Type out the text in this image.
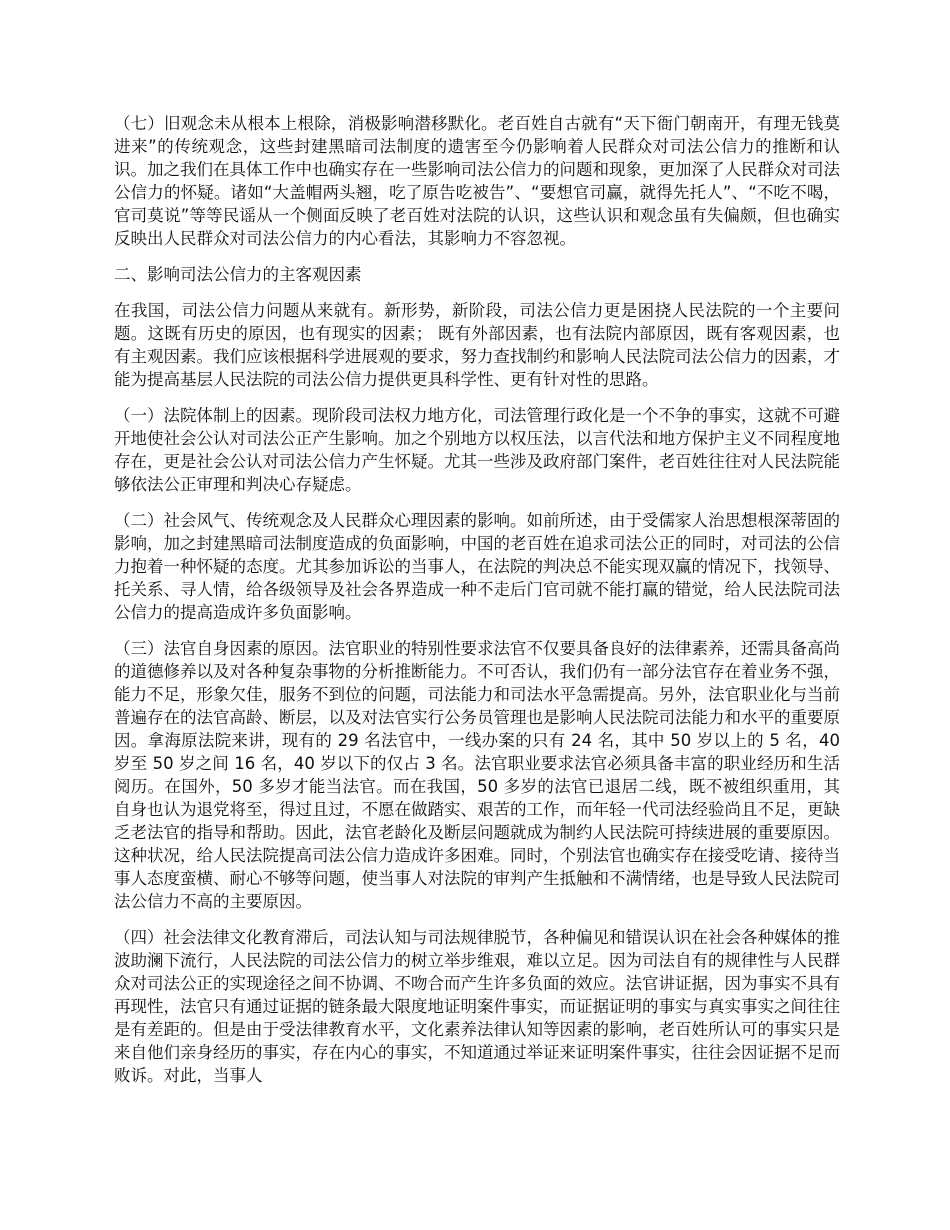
（七）旧观念未从根本上根除，消极影响潜移默化。老百姓自古就有“天下衙门朝南开，有理无钱莫进来”的传统观念，这些封建黑暗司法制度的遗害至今仍影响着人民群众对司法公信力的推断和认识。加之我们在具体工作中也确实存在一些影响司法公信力的问题和现象，更加深了人民群众对司法公信力的怀疑。诸如“大盖帽两头翘，吃了原告吃被告”、“要想官司赢，就得先托人”、“不吃不喝，官司莫说”等等民谣从一个侧面反映了老百姓对法院的认识，这些认识和观念虽有失偏颇，但也确实反映出人民群众对司法公信力的内心看法，其影响力不容忽视。

二、影响司法公信力的主客观因素

在我国，司法公信力问题从来就有。新形势，新阶段，司法公信力更是困挠人民法院的一个主要问题。这既有历史的原因，也有现实的因素； 既有外部因素，也有法院内部原因，既有客观因素，也有主观因素。我们应该根据科学进展观的要求，努力查找制约和影响人民法院司法公信力的因素，才能为提高基层人民法院的司法公信力提供更具科学性、更有针对性的思路。

（一）法院体制上的因素。现阶段司法权力地方化，司法管理行政化是一个不争的事实，这就不可避开地使社会公认对司法公正产生影响。加之个别地方以权压法，以言代法和地方保护主义不同程度地存在，更是社会公认对司法公信力产生怀疑。尤其一些涉及政府部门案件，老百姓往往对人民法院能够依法公正审理和判决心存疑虑。

（二）社会风气、传统观念及人民群众心理因素的影响。如前所述，由于受儒家人治思想根深蒂固的影响，加之封建黑暗司法制度造成的负面影响，中国的老百姓在追求司法公正的同时，对司法的公信力抱着一种怀疑的态度。尤其参加诉讼的当事人，在法院的判决总不能实现双赢的情况下，找领导、托关系、寻人情，给各级领导及社会各界造成一种不走后门官司就不能打赢的错觉，给人民法院司法公信力的提高造成许多负面影响。

（三）法官自身因素的原因。法官职业的特别性要求法官不仅要具备良好的法律素养，还需具备高尚的道德修养以及对各种复杂事物的分析推断能力。不可否认，我们仍有一部分法官存在着业务不强，能力不足，形象欠佳，服务不到位的问题，司法能力和司法水平急需提高。另外，法官职业化与当前普遍存在的法官高龄、断层，以及对法官实行公务员管理也是影响人民法院司法能力和水平的重要原因。拿海原法院来讲，现有的 29 名法官中，一线办案的只有 24 名，其中 50 岁以上的 5 名，40 岁至 50 岁之间 16 名，40 岁以下的仅占 3 名。法官职业要求法官必须具备丰富的职业经历和生活阅历。在国外，50 多岁才能当法官。而在我国，50 多岁的法官已退居二线，既不被组织重用，其自身也认为退党将至，得过且过，不愿在做踏实、艰苦的工作，而年轻一代司法经验尚且不足，更缺乏老法官的指导和帮助。因此，法官老龄化及断层问题就成为制约人民法院可持续进展的重要原因。这种状况，给人民法院提高司法公信力造成许多困难。同时，个别法官也确实存在接受吃请、接待当事人态度蛮横、耐心不够等问题，使当事人对法院的审判产生抵触和不满情绪，也是导致人民法院司法公信力不高的主要原因。

（四）社会法律文化教育滞后，司法认知与司法规律脱节，各种偏见和错误认识在社会各种媒体的推波助澜下流行，人民法院的司法公信力的树立举步维艰，难以立足。因为司法自有的规律性与人民群众对司法公正的实现途径之间不协调、不吻合而产生许多负面的效应。法官讲证据，因为事实不具有再现性，法官只有通过证据的链条最大限度地证明案件事实，而证据证明的事实与真实事实之间往往是有差距的。但是由于受法律教育水平，文化素养法律认知等因素的影响，老百姓所认可的事实只是来自他们亲身经历的事实，存在内心的事实，不知道通过举证来证明案件事实，往往会因证据不足而败诉。对此，当事人
